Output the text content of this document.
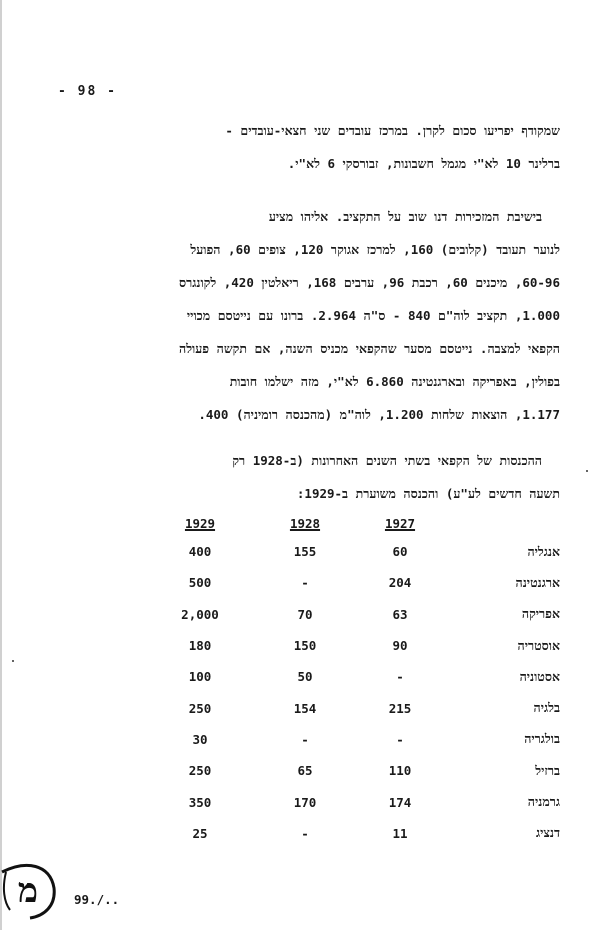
- 98 -
שמקודף יפריעו סכום לקרן. במרכז עובדים שני חצאי-עובדים -
ברלינר 10 לא"י מגמל חשבונות, זבורסקי 6 לא"י.
בישיבת המזכירות דנו שוב על התקציב. אליהו מציע
לנוער תעובד (קלובים) 160, למרכז אגוקר 120, צופים 60, הפועל
60-96, מיכנים 60, רכבת 96, ערבים 168, ריאלטין 420, לקונגרס
1.000, תקציב לוה"ם 840 - ס"ה 2.964. ברונו עם נייטסם מכויי
הקפאי למצבה. נייטסם מסער שהקפאי מכניס השנה, אם תקשה פעולה
בפולין, באפריקה ובארגנטינה 6.860 לא"י, מזה ישלמו חובות
1.177, הוצאות שלחות 1.200, לוה"מ (מהכנסה רומיניה) 400.
ההכנסות של הקפאי בשתי השנים האחרונות (ב-1928 רק
תשעה חדשים לע"ע) והכנסה משוערת ב-1929:
1929	1928	1927
400	155	60	אנגליה
500	-	204	ארגנטינה
2,000	70	63	אפריקה
180	150	90	אוסטריה
100	50	-	אסטוניה
250	154	215	בלגיה
30	-	-	בולגריה
250	65	110	ברזיל
350	170	174	גרמניה
25	-	11	דנציג
מ	99./..
